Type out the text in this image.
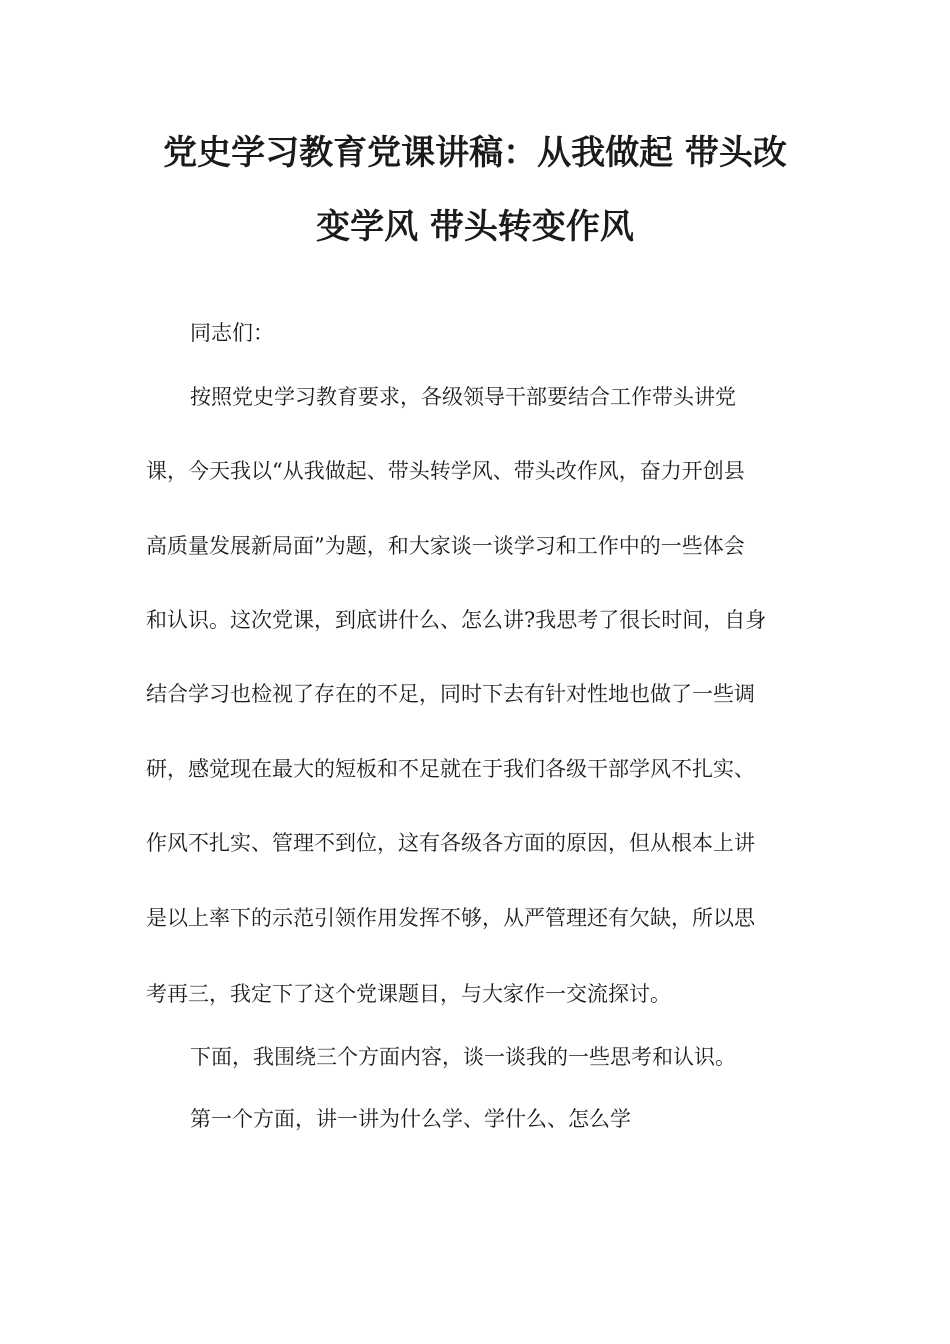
党史学习教育党课讲稿：从我做起 带头改
变学风 带头转变作风
同志们：
按照党史学习教育要求，各级领导干部要结合工作带头讲党
课，今天我以“从我做起、带头转学风、带头改作风，奋力开创县
高质量发展新局面”为题，和大家谈一谈学习和工作中的一些体会
和认识。这次党课，到底讲什么、怎么讲?我思考了很长时间，自身
结合学习也检视了存在的不足，同时下去有针对性地也做了一些调
研，感觉现在最大的短板和不足就在于我们各级干部学风不扎实、
作风不扎实、管理不到位，这有各级各方面的原因，但从根本上讲
是以上率下的示范引领作用发挥不够，从严管理还有欠缺，所以思
考再三，我定下了这个党课题目，与大家作一交流探讨。
下面，我围绕三个方面内容，谈一谈我的一些思考和认识。
第一个方面，讲一讲为什么学、学什么、怎么学
